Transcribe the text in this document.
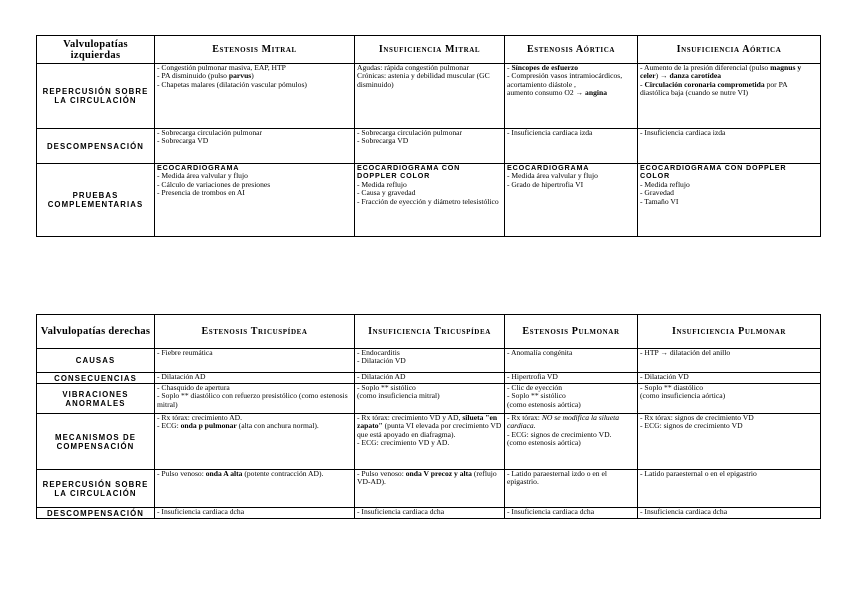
Valvulopatías izquierdas	Estenosis Mitral	Insuficiencia Mitral	Estenosis Aórtica	Insuficiencia Aórtica
REPERCUSIÓN SOBRE LA CIRCULACIÓN	- Congestión pulmonar masiva, EAP, HTP
- PA disminuido (pulso parvus)
- Chapetas malares (dilatación vascular pómulos)	Agudas: rápida congestión pulmonar
Crónicas: astenia y debilidad muscular (GC disminuido)	- Síncopes de esfuerzo
- Compresión vasos intramiocárdicos,
acortamiento diástole ,
aumento consumo O2 → angina	- Aumento de la presión diferencial (pulso magnus y celer) → danza carotídea
- Circulación coronaria comprometida por PA diastólica baja (cuando se nutre VI)

DESCOMPENSACIÓN	- Sobrecarga circulación pulmonar
- Sobrecarga VD	- Sobrecarga circulación pulmonar
- Sobrecarga VD	- Insuficiencia cardiaca izda	- Insuficiencia cardiaca izda

PRUEBAS COMPLEMENTARIAS	ECOCARDIOGRAMA
- Medida área valvular y flujo
- Cálculo de variaciones de presiones
- Presencia de trombos en AI	ECOCARDIOGRAMA CON DOPPLER COLOR
- Medida reflujo
- Causa y gravedad
- Fracción de eyección y diámetro telesistólico	ECOCARDIOGRAMA
- Medida área valvular y flujo
- Grado de hipertrofia VI	ECOCARDIOGRAMA CON DOPPLER COLOR
- Medida reflujo
- Gravedad
- Tamaño VI
Valvulopatías derechas	Estenosis Tricuspídea	Insuficiencia Tricuspídea	Estenosis Pulmonar	Insuficiencia Pulmonar
CAUSAS	- Fiebre reumática	- Endocarditis
- Dilatación VD	- Anomalía congénita	- HTP → dilatación del anillo

CONSECUENCIAS	- Dilatación AD	- Dilatación AD	- Hipertrofia VD	- Dilatación VD

VIBRACIONES ANORMALES	- Chasquido de apertura
- Soplo ** diastólico con refuerzo presistólico (como estenosis mitral)	- Soplo ** sistólico
(como insuficiencia mitral)	- Clic de eyección
- Soplo ** sistólico
(como estenosis aórtica)	- Soplo ** diastólico
(como insuficiencia aórtica)

MECANISMOS DE COMPENSACIÓN	- Rx tórax: crecimiento AD.
- ECG: onda p pulmonar (alta con anchura normal).	- Rx tórax: crecimiento VD y AD, silueta "en zapato" (punta VI elevada por crecimiento VD que está apoyado en diafragma).
- ECG: crecimiento VD y AD.	- Rx tórax: NO se modifica la silueta cardiaca.
- ECG: signos de crecimiento VD.
(como estenosis aórtica)	- Rx tórax: signos de crecimiento VD
- ECG: signos de crecimiento VD

REPERCUSIÓN SOBRE LA CIRCULACIÓN	- Pulso venoso: onda A alta (potente contracción AD).	- Pulso venoso: onda V precoz y alta (reflujo VD-AD).	- Latido paraesternal izdo o en el epigastrio.	- Latido paraesternal o en el epigastrio

DESCOMPENSACIÓN	- Insuficiencia cardiaca dcha	- Insuficiencia cardiaca dcha	- Insuficiencia cardiaca dcha	- Insuficiencia cardiaca dcha
